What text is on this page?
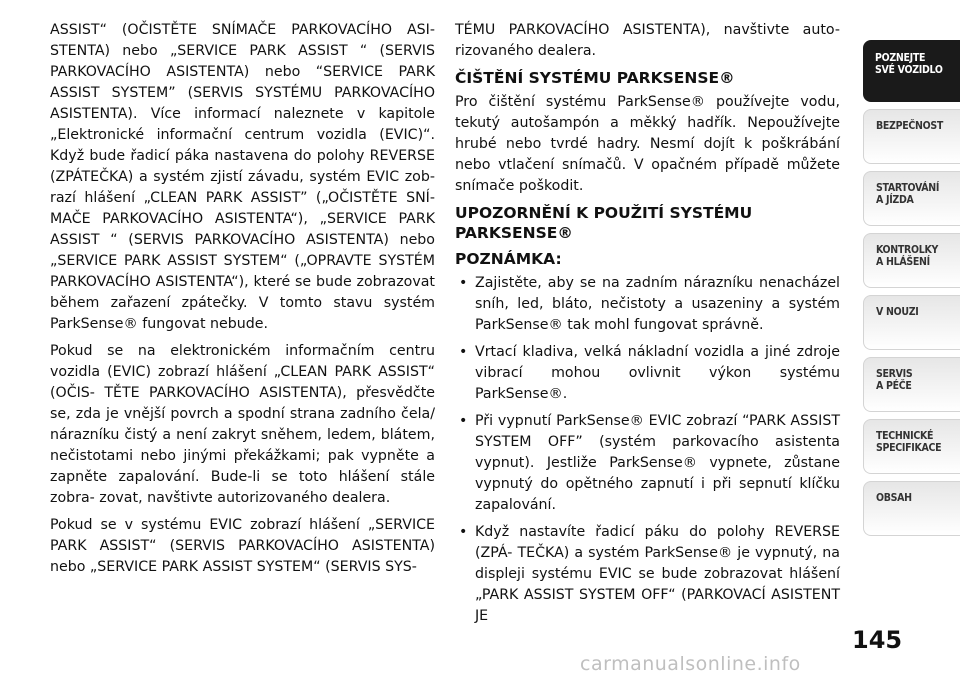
ASSIST“ (OČISTĚTE SNÍMAČE PARKOVACÍHO ASI- STENTA) nebo „SERVICE PARK ASSIST “ (SERVIS PARKOVACÍHO ASISTENTA) nebo “SERVICE PARK ASSIST SYSTEM” (SERVIS SYSTÉMU PARKOVACÍHO ASISTENTA). Více informací naleznete v kapitole „Elektronické informační centrum vozidla (EVIC)“. Když bude řadicí páka nastavena do polohy REVERSE (ZPÁTEČKA) a systém zjistí závadu, systém EVIC zob- razí hlášení „CLEAN PARK ASSIST” („OČISTĚTE SNÍ- MAČE PARKOVACÍHO ASISTENTA“), „SERVICE PARK ASSIST “ (SERVIS PARKOVACÍHO ASISTENTA) nebo „SERVICE PARK ASSIST SYSTEM“ („OPRAVTE SYSTÉM PARKOVACÍHO ASISTENTA“), které se bude zobrazovat během zařazení zpátečky. V tomto stavu systém ParkSense® fungovat nebude.

Pokud se na elektronickém informačním centru vozidla (EVIC) zobrazí hlášení „CLEAN PARK ASSIST“ (OČIS- TĚTE PARKOVACÍHO ASISTENTA), přesvědčte se, zda je vnější povrch a spodní strana zadního čela/ nárazníku čistý a není zakryt sněhem, ledem, blátem, nečistotami nebo jinými překážkami; pak vypněte a zapněte zapalování. Bude-li se toto hlášení stále zobra- zovat, navštivte autorizovaného dealera.

Pokud se v systému EVIC zobrazí hlášení „SERVICE PARK ASSIST“ (SERVIS PARKOVACÍHO ASISTENTA) nebo „SERVICE PARK ASSIST SYSTEM“ (SERVIS SYS-

TÉMU PARKOVACÍHO ASISTENTA), navštivte auto- rizovaného dealera.

ČIŠTĚNÍ SYSTÉMU PARKSENSE®

Pro čištění systému ParkSense® používejte vodu, tekutý autošampón a měkký hadřík. Nepoužívejte hrubé nebo tvrdé hadry. Nesmí dojít k poškrábání nebo vtlačení snímačů. V opačném případě můžete snímače poškodit.

UPOZORNĚNÍ K POUŽITÍ SYSTÉMU PARKSENSE®
POZNÁMKA:
• Zajistěte, aby se na zadním nárazníku nenacházel sníh, led, bláto, nečistoty a usazeniny a systém ParkSense® tak mohl fungovat správně.
• Vrtací kladiva, velká nákladní vozidla a jiné zdroje vibrací mohou ovlivnit výkon systému ParkSense®.
• Při vypnutí ParkSense® EVIC zobrazí “PARK ASSIST SYSTEM OFF” (systém parkovacího asistenta vypnut). Jestliže ParkSense® vypnete, zůstane vypnutý do opětného zapnutí i při sepnutí klíčku zapalování.
• Když nastavíte řadicí páku do polohy REVERSE (ZPÁ- TEČKA) a systém ParkSense® je vypnutý, na displeji systému EVIC se bude zobrazovat hlášení „PARK ASSIST SYSTEM OFF“ (PARKOVACÍ ASISTENT JE
POZNEJTE
SVÉ VOZIDLO
BEZPEČNOST
STARTOVÁNÍ
A JÍZDA
KONTROLKY
A HLÁŠENÍ
V NOUZI
SERVIS
A PÉČE
TECHNICKÉ
SPECIFIKACE
OBSAH
145
carmanualsonline.info
